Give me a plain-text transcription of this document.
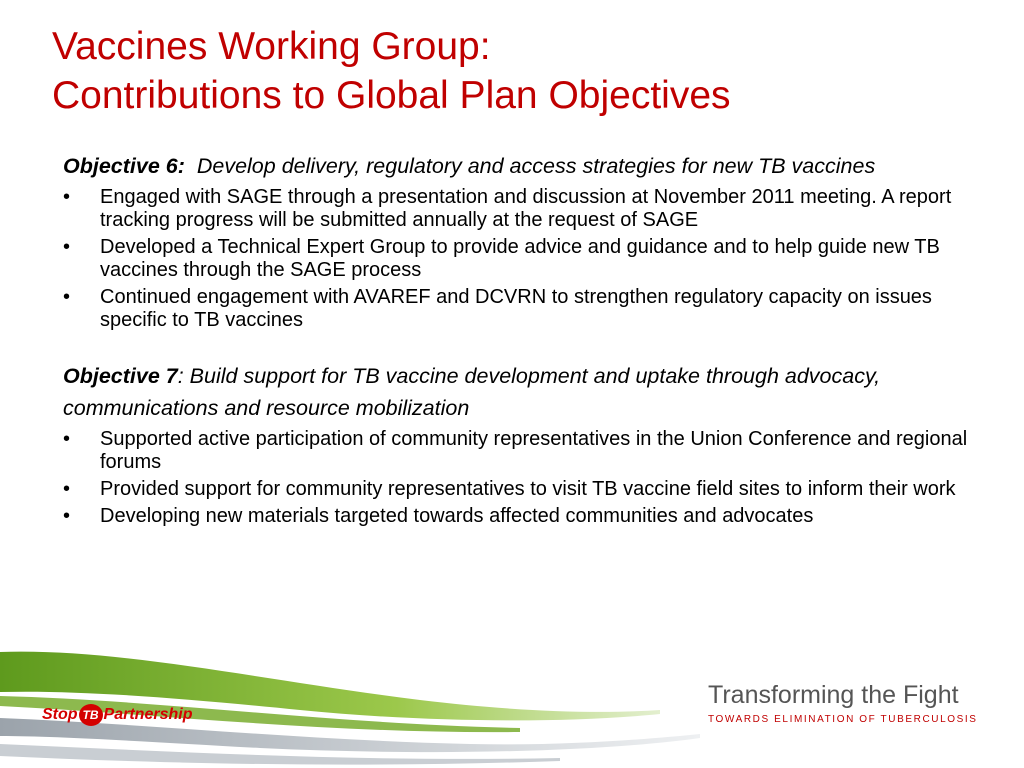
Vaccines Working Group:
Contributions to Global Plan Objectives

Objective 6:  Develop delivery, regulatory and access strategies for new TB vaccines

• Engaged with SAGE through a presentation and discussion at November 2011 meeting. A report tracking progress will be submitted annually at the request of SAGE
• Developed a Technical Expert Group to provide advice and guidance and to help guide new TB vaccines through the SAGE process
• Continued engagement with AVAREF and DCVRN to strengthen regulatory capacity on issues specific to TB vaccines

Objective 7: Build support for TB vaccine development and uptake through advocacy, communications and resource mobilization

• Supported active participation of community representatives in the Union Conference and regional forums
• Provided support for community representatives to visit TB vaccine field sites to inform their work
• Developing new materials targeted towards affected communities and advocates
Stop TB Partnership
Transforming the Fight
TOWARDS ELIMINATION OF TUBERCULOSIS
